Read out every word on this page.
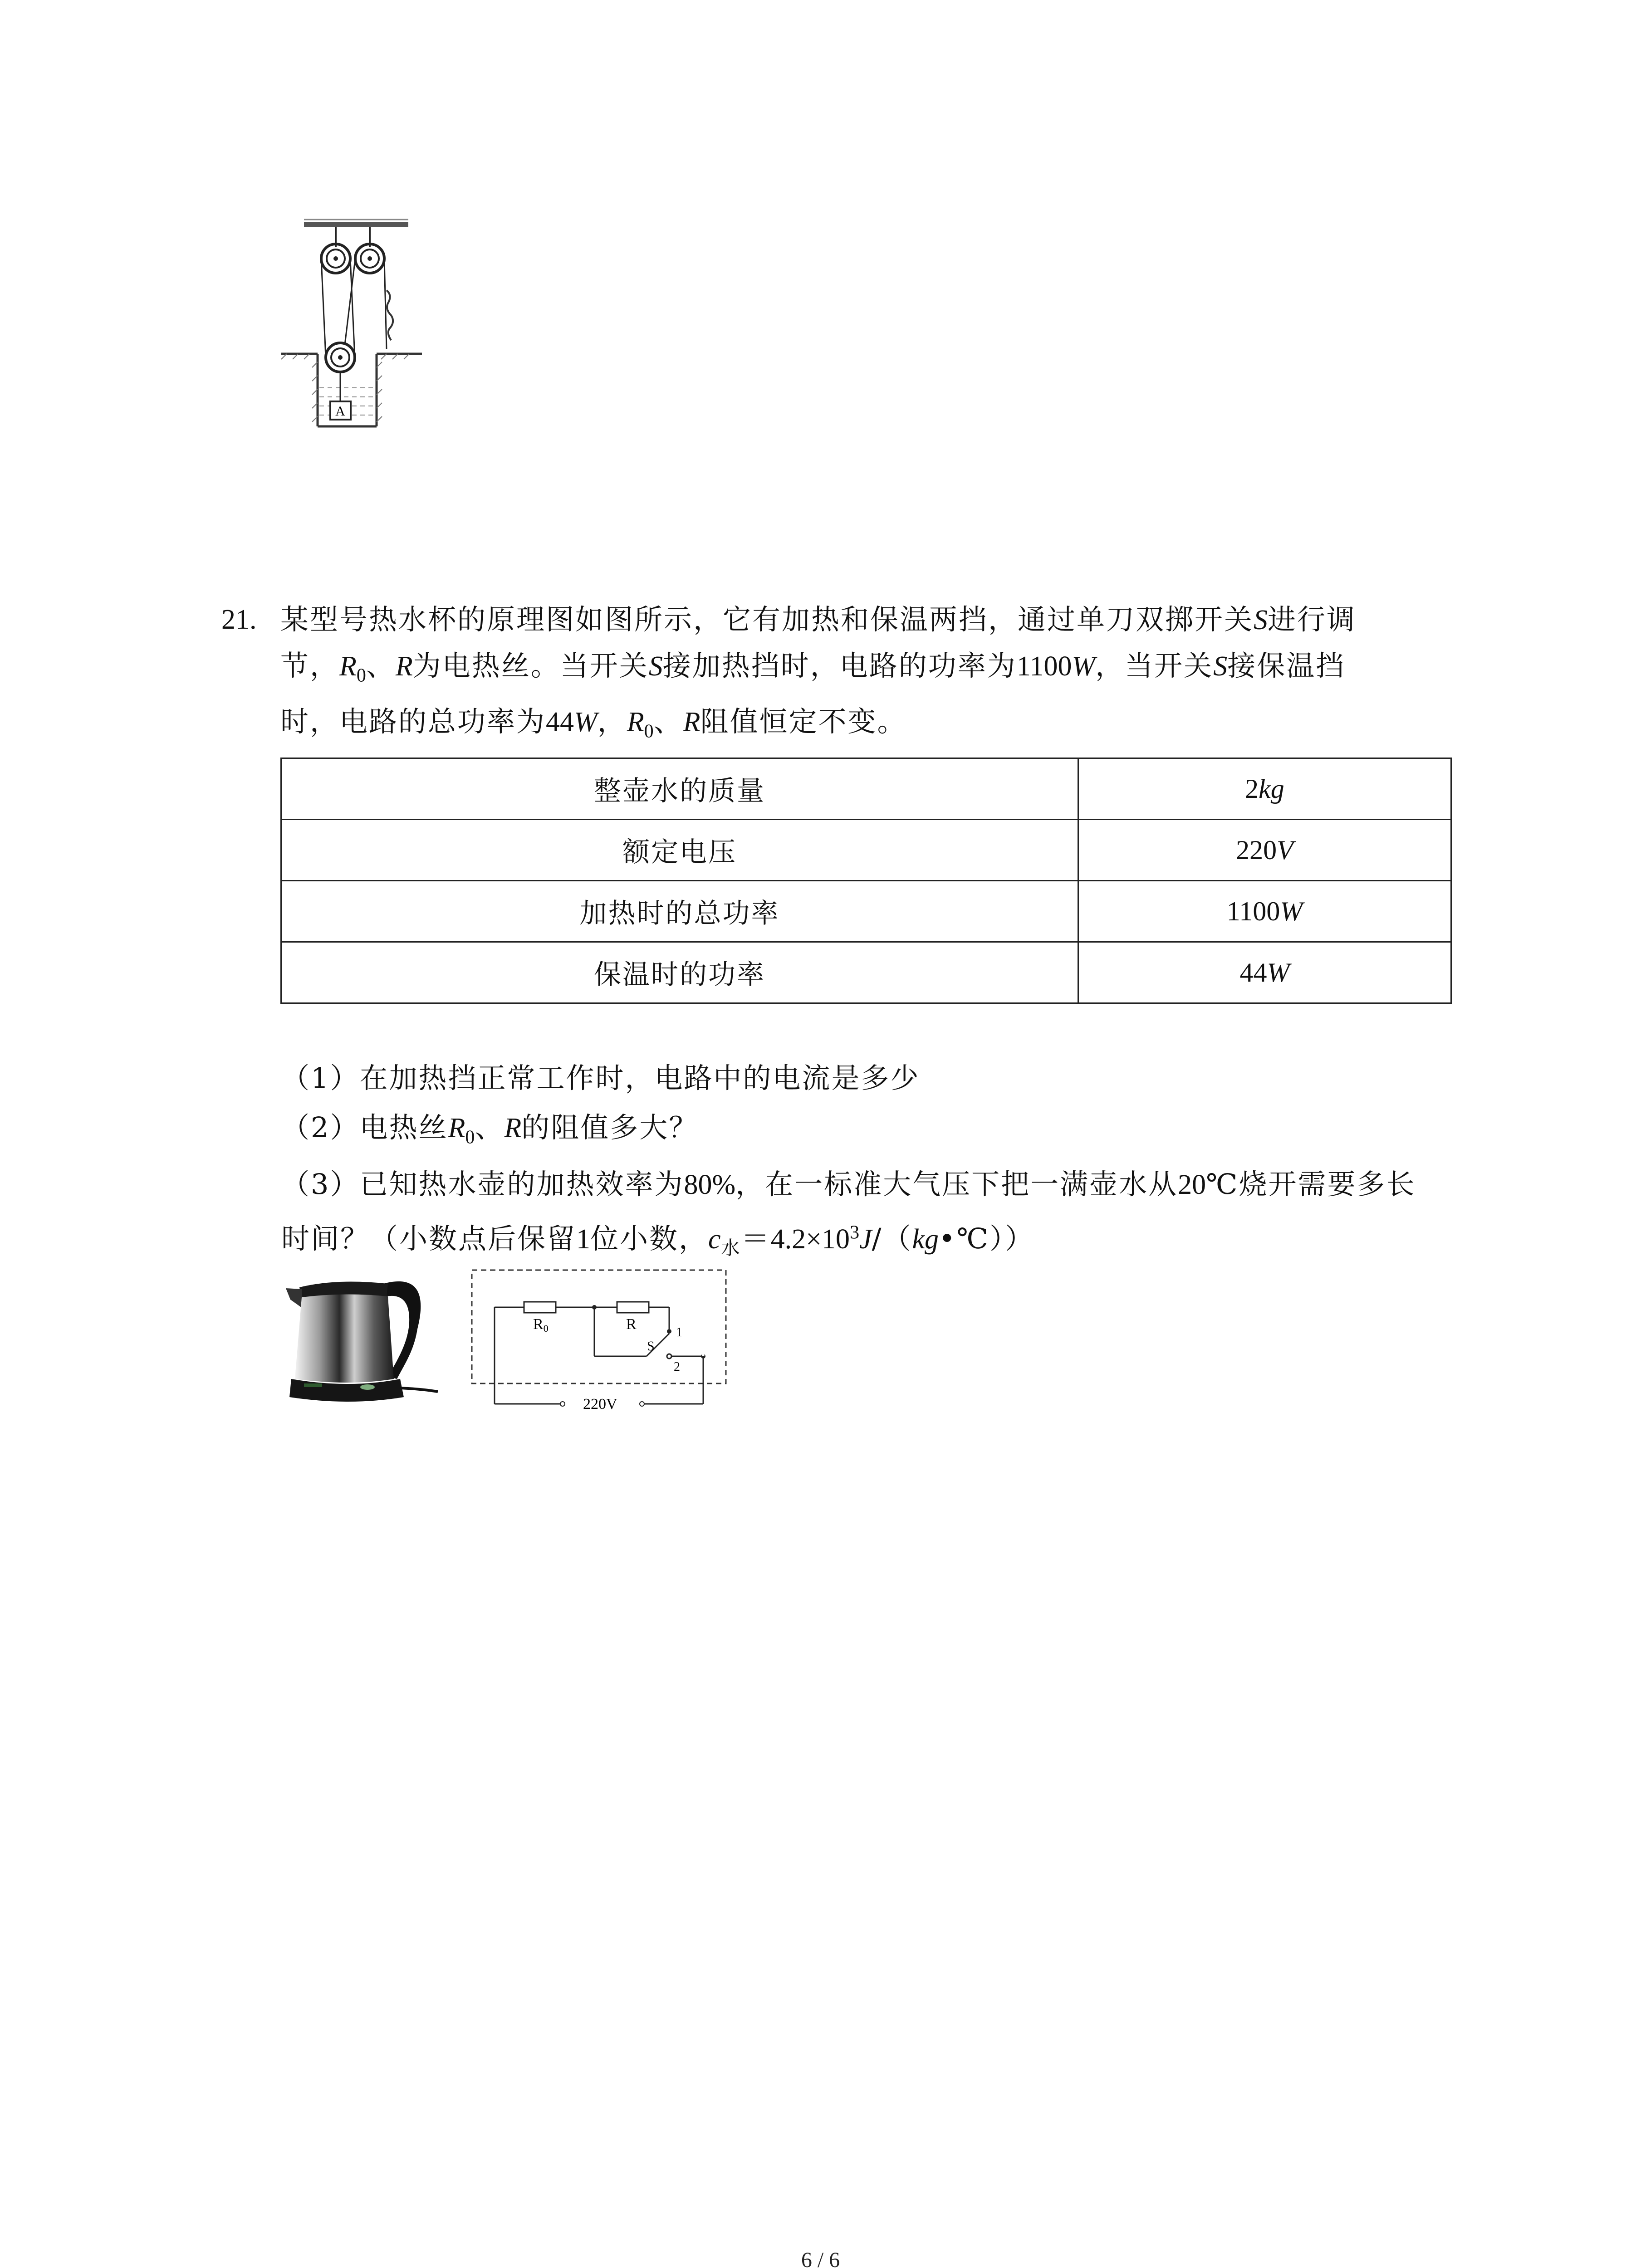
A
21. 某型号热水杯的原理图如图所示，它有加热和保温两挡，通过单刀双掷开关S进行调
节，$R_0$、R为电热丝。当开关S接加热挡时，电路的功率为1100W，当开关S接保温挡
时，电路的总功率为44W，$R_0$、R阻值恒定不变。
整壶水的质量	2kg
额定电压	220V
加热时的总功率	1100W
保温时的功率	44W
（1）在加热挡正常工作时，电路中的电流是多少
（2）电热丝$R_0$、R的阻值多大？
（3）已知热水壶的加热效率为80%，在一标准大气压下把一满壶水从20℃烧开需要多长
时间？（小数点后保留1位小数，$c_水=4.2\times 10^3J/(kg•℃)$）
R0	R
S
1
2
220V
6 / 6
